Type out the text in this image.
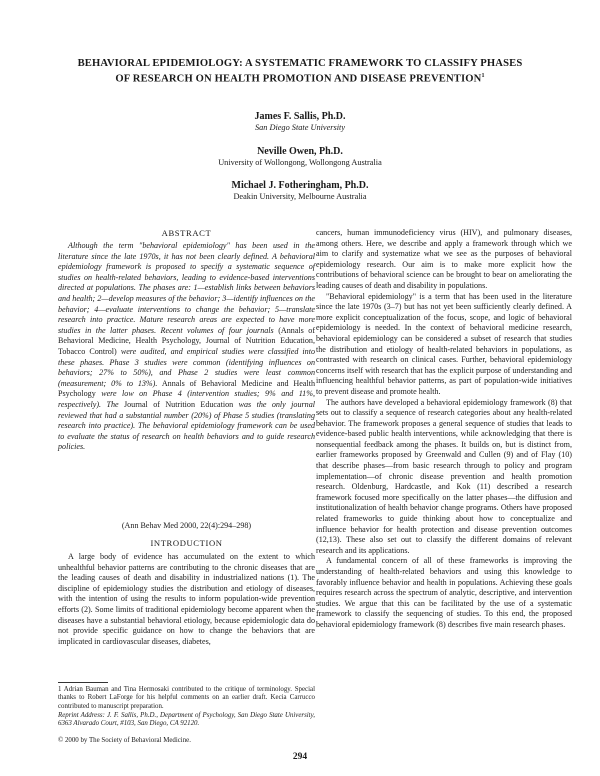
BEHAVIORAL EPIDEMIOLOGY: A SYSTEMATIC FRAMEWORK TO CLASSIFY PHASES
OF RESEARCH ON HEALTH PROMOTION AND DISEASE PREVENTION$^1$
James F. Sallis, Ph.D.
San Diego State University
Neville Owen, Ph.D.
University of Wollongong, Wollongong Australia
Michael J. Fotheringham, Ph.D.
Deakin University, Melbourne Australia
ABSTRACT

Although the term "behavioral epidemiology" has been used in the literature since the late 1970s, it has not been clearly defined. A behavioral epidemiology framework is proposed to specify a systematic sequence of studies on health-related behaviors, leading to evidence-based interventions directed at populations. The phases are: 1—establish links between behaviors and health; 2—develop measures of the behavior; 3—identify influences on the behavior; 4—evaluate interventions to change the behavior; 5—translate research into practice. Mature research areas are expected to have more studies in the latter phases. Recent volumes of four journals (Annals of Behavioral Medicine, Health Psychology, Journal of Nutrition Education, Tobacco Control) were audited, and empirical studies were classified into these phases. Phase 3 studies were common (identifying influences on behaviors; 27% to 50%), and Phase 2 studies were least common (measurement; 0% to 13%). Annals of Behavioral Medicine and Health Psychology were low on Phase 4 (intervention studies; 9% and 11%, respectively). The Journal of Nutrition Education was the only journal reviewed that had a substantial number (20%) of Phase 5 studies (translating research into practice). The behavioral epidemiology framework can be used to evaluate the status of research on health behaviors and to guide research policies.

(Ann Behav Med 2000, 22(4):294–298)
INTRODUCTION

A large body of evidence has accumulated on the extent to which unhealthful behavior patterns are contributing to the chronic diseases that are the leading causes of death and disability in industrialized nations (1). The discipline of epidemiology studies the distribution and etiology of diseases, with the intention of using the results to inform population-wide prevention efforts (2). Some limits of traditional epidemiology become apparent when the diseases have a substantial behavioral etiology, because epidemiologic data do not provide specific guidance on how to change the behaviors that are implicated in cardiovascular diseases, diabetes,

1 Adrian Bauman and Tina Hermosaki contributed to the critique of terminology. Special thanks to Robert LaForge for his helpful comments on an earlier draft. Kecia Carrucco contributed to manuscript preparation.
Reprint Address: J. F. Sallis, Ph.D., Department of Psychology, San Diego State University, 6363 Alvarado Court, #103, San Diego, CA 92120.
© 2000 by The Society of Behavioral Medicine.
cancers, human immunodeficiency virus (HIV), and pulmonary diseases, among others. Here, we describe and apply a framework through which we aim to clarify and systematize what we see as the purposes of behavioral epidemiology research. Our aim is to make more explicit how the contributions of behavioral science can be brought to bear on ameliorating the leading causes of death and disability in populations.
"Behavioral epidemiology" is a term that has been used in the literature since the late 1970s (3–7) but has not yet been sufficiently clearly defined. A more explicit conceptualization of the focus, scope, and logic of behavioral epidemiology is needed. In the context of behavioral medicine research, behavioral epidemiology can be considered a subset of research that studies the distribution and etiology of health-related behaviors in populations, as contrasted with research on clinical cases. Further, behavioral epidemiology concerns itself with research that has the explicit purpose of understanding and influencing healthful behavior patterns, as part of population-wide initiatives to prevent disease and promote health.
The authors have developed a behavioral epidemiology framework (8) that sets out to classify a sequence of research categories about any health-related behavior. The framework proposes a general sequence of studies that leads to evidence-based public health interventions, while acknowledging that there is nonsequential feedback among the phases. It builds on, but is distinct from, earlier frameworks proposed by Greenwald and Cullen (9) and of Flay (10) that describe phases—from basic research through to policy and program implementation—of chronic disease prevention and health promotion research. Oldenburg, Hardcastle, and Kok (11) described a research framework focused more specifically on the latter phases—the diffusion and institutionalization of health behavior change programs. Others have proposed related frameworks to guide thinking about how to conceptualize and influence behavior for health protection and disease prevention outcomes (12,13). These also set out to classify the different domains of relevant research and its applications.
A fundamental concern of all of these frameworks is improving the understanding of health-related behaviors and using this knowledge to favorably influence behavior and health in populations. Achieving these goals requires research across the spectrum of analytic, descriptive, and intervention studies. We argue that this can be facilitated by the use of a systematic framework to classify the sequencing of studies. To this end, the proposed behavioral epidemiology framework (8) describes five main research phases.
294
